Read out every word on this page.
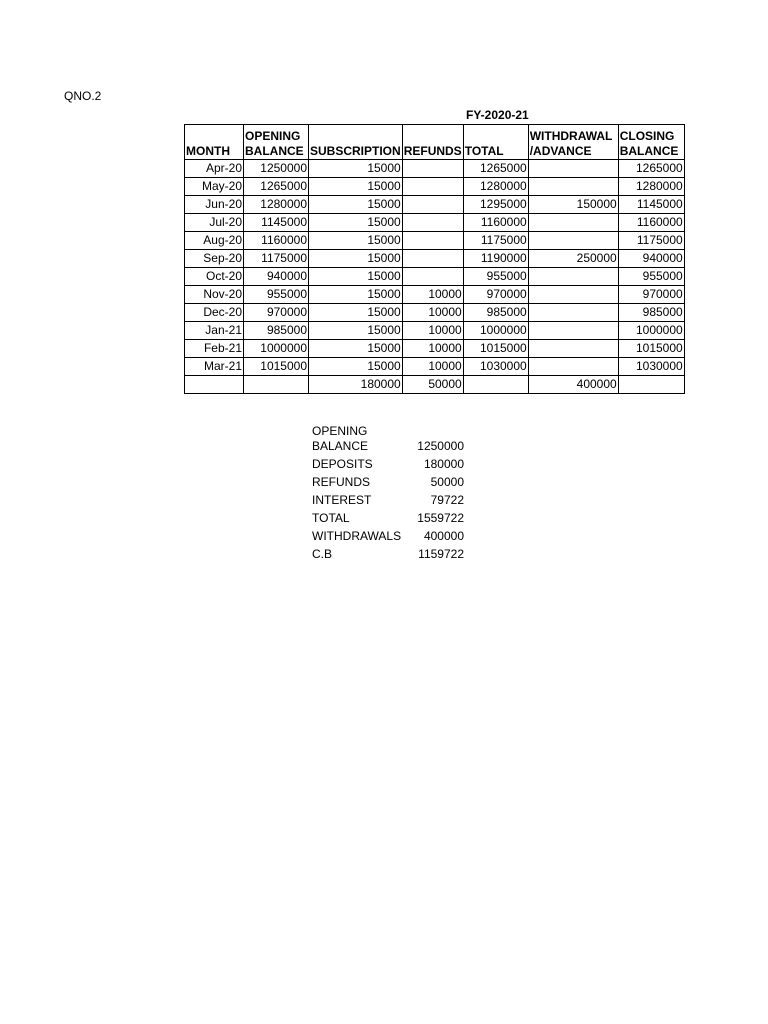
QNO.2
FY-2020-21
MONTH	OPENING BALANCE	SUBSCRIPTION	REFUNDS	TOTAL	WITHDRAWAL /ADVANCE	CLOSING BALANCE
Apr-20	1250000	15000		1265000		1265000
May-20	1265000	15000		1280000		1280000
Jun-20	1280000	15000		1295000	150000	1145000
Jul-20	1145000	15000		1160000		1160000
Aug-20	1160000	15000		1175000		1175000
Sep-20	1175000	15000		1190000	250000	940000
Oct-20	940000	15000		955000		955000
Nov-20	955000	15000	10000	970000		970000
Dec-20	970000	15000	10000	985000		985000
Jan-21	985000	15000	10000	1000000		1000000
Feb-21	1000000	15000	10000	1015000		1015000
Mar-21	1015000	15000	10000	1030000		1030000
		180000	50000		400000	
OPENING
BALANCE	1250000
DEPOSITS	180000
REFUNDS	50000
INTEREST	79722
TOTAL	1559722
WITHDRAWALS 400000
C.B	1159722
